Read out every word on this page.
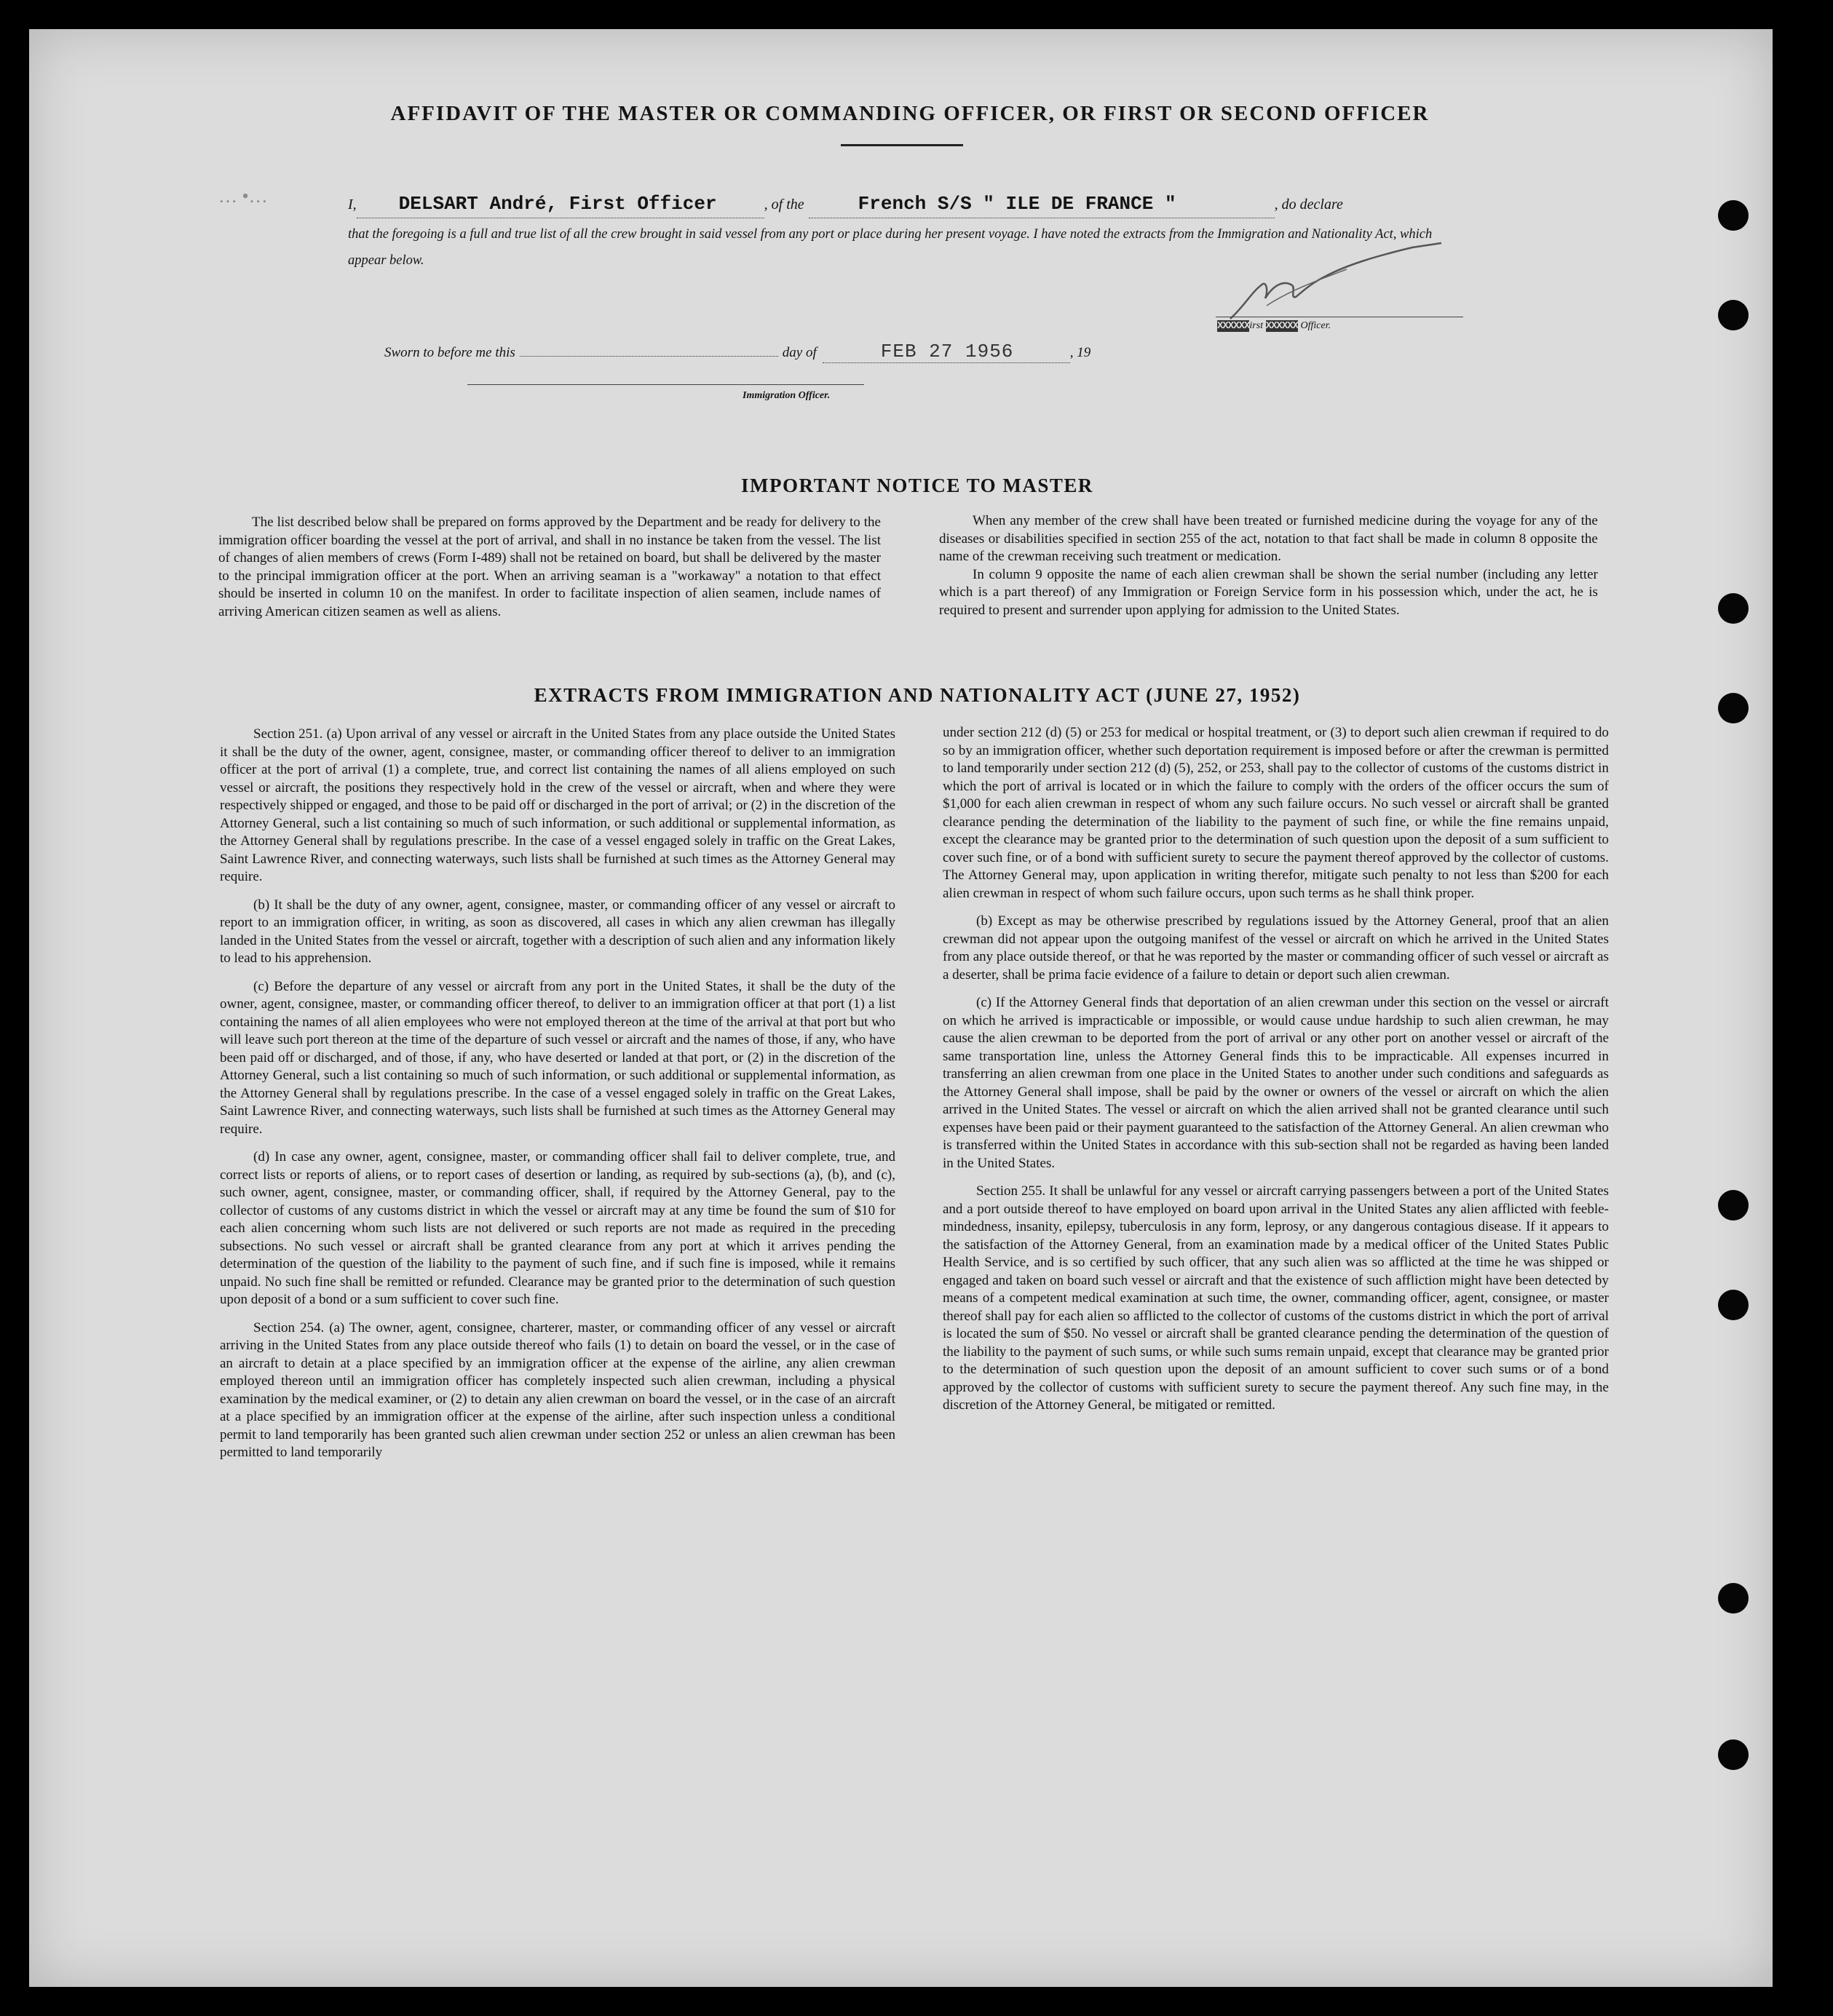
… •…
AFFIDAVIT OF THE MASTER OR COMMANDING OFFICER, OR FIRST OR SECOND OFFICER
I,	DELSART André, First Officer	, of the	French S/S " ILE DE FRANCE "	, do declare
that the foregoing is a full and true list of all the crew brought in said vessel from any port or place during her present voyage. I have noted the extracts from the Immigration and Nationality Act, which appear below.
XXXXXXirst XXXXXX Officer.
Sworn to before me this	day of	FEB 27 1956	, 19
Immigration Officer.
IMPORTANT NOTICE TO MASTER

The list described below shall be prepared on forms approved by the Department and be ready for delivery to the immigration officer boarding the vessel at the port of arrival, and shall in no instance be taken from the vessel. The list of changes of alien members of crews (Form I-489) shall not be retained on board, but shall be delivered by the master to the principal immigration officer at the port. When an arriving seaman is a "workaway" a notation to that effect should be inserted in column 10 on the manifest. In order to facilitate inspection of alien seamen, include names of arriving American citizen seamen as well as aliens.

When any member of the crew shall have been treated or furnished medicine during the voyage for any of the diseases or disabilities specified in section 255 of the act, notation to that fact shall be made in column 8 opposite the name of the crewman receiving such treatment or medication.

In column 9 opposite the name of each alien crewman shall be shown the serial number (including any letter which is a part thereof) of any Immigration or Foreign Service form in his possession which, under the act, he is required to present and surrender upon applying for admission to the United States.

EXTRACTS FROM IMMIGRATION AND NATIONALITY ACT (JUNE 27, 1952)

Section 251. (a) Upon arrival of any vessel or aircraft in the United States from any place outside the United States it shall be the duty of the owner, agent, consignee, master, or commanding officer thereof to deliver to an immigration officer at the port of arrival (1) a complete, true, and correct list containing the names of all aliens employed on such vessel or aircraft, the positions they respectively hold in the crew of the vessel or aircraft, when and where they were respectively shipped or engaged, and those to be paid off or discharged in the port of arrival; or (2) in the discretion of the Attorney General, such a list containing so much of such information, or such additional or supplemental information, as the Attorney General shall by regulations prescribe. In the case of a vessel engaged solely in traffic on the Great Lakes, Saint Lawrence River, and connecting waterways, such lists shall be furnished at such times as the Attorney General may require.

(b) It shall be the duty of any owner, agent, consignee, master, or commanding officer of any vessel or aircraft to report to an immigration officer, in writing, as soon as discovered, all cases in which any alien crewman has illegally landed in the United States from the vessel or aircraft, together with a description of such alien and any information likely to lead to his apprehension.

(c) Before the departure of any vessel or aircraft from any port in the United States, it shall be the duty of the owner, agent, consignee, master, or commanding officer thereof, to deliver to an immigration officer at that port (1) a list containing the names of all alien employees who were not employed thereon at the time of the arrival at that port but who will leave such port thereon at the time of the departure of such vessel or aircraft and the names of those, if any, who have been paid off or discharged, and of those, if any, who have deserted or landed at that port, or (2) in the discretion of the Attorney General, such a list containing so much of such information, or such additional or supplemental information, as the Attorney General shall by regulations prescribe. In the case of a vessel engaged solely in traffic on the Great Lakes, Saint Lawrence River, and connecting waterways, such lists shall be furnished at such times as the Attorney General may require.

(d) In case any owner, agent, consignee, master, or commanding officer shall fail to deliver complete, true, and correct lists or reports of aliens, or to report cases of desertion or landing, as required by sub-sections (a), (b), and (c), such owner, agent, consignee, master, or commanding officer, shall, if required by the Attorney General, pay to the collector of customs of any customs district in which the vessel or aircraft may at any time be found the sum of $10 for each alien concerning whom such lists are not delivered or such reports are not made as required in the preceding subsections. No such vessel or aircraft shall be granted clearance from any port at which it arrives pending the determination of the question of the liability to the payment of such fine, and if such fine is imposed, while it remains unpaid. No such fine shall be remitted or refunded. Clearance may be granted prior to the determination of such question upon deposit of a bond or a sum sufficient to cover such fine.

Section 254. (a) The owner, agent, consignee, charterer, master, or commanding officer of any vessel or aircraft arriving in the United States from any place outside thereof who fails (1) to detain on board the vessel, or in the case of an aircraft to detain at a place specified by an immigration officer at the expense of the airline, any alien crewman employed thereon until an immigration officer has completely inspected such alien crewman, including a physical examination by the medical examiner, or (2) to detain any alien crewman on board the vessel, or in the case of an aircraft at a place specified by an immigration officer at the expense of the airline, after such inspection unless a conditional permit to land temporarily has been granted such alien crewman under section 252 or unless an alien crewman has been permitted to land temporarily

under section 212 (d) (5) or 253 for medical or hospital treatment, or (3) to deport such alien crewman if required to do so by an immigration officer, whether such deportation requirement is imposed before or after the crewman is permitted to land temporarily under section 212 (d) (5), 252, or 253, shall pay to the collector of customs of the customs district in which the port of arrival is located or in which the failure to comply with the orders of the officer occurs the sum of $1,000 for each alien crewman in respect of whom any such failure occurs. No such vessel or aircraft shall be granted clearance pending the determination of the liability to the payment of such fine, or while the fine remains unpaid, except the clearance may be granted prior to the determination of such question upon the deposit of a sum sufficient to cover such fine, or of a bond with sufficient surety to secure the payment thereof approved by the collector of customs. The Attorney General may, upon application in writing therefor, mitigate such penalty to not less than $200 for each alien crewman in respect of whom such failure occurs, upon such terms as he shall think proper.

(b) Except as may be otherwise prescribed by regulations issued by the Attorney General, proof that an alien crewman did not appear upon the outgoing manifest of the vessel or aircraft on which he arrived in the United States from any place outside thereof, or that he was reported by the master or commanding officer of such vessel or aircraft as a deserter, shall be prima facie evidence of a failure to detain or deport such alien crewman.

(c) If the Attorney General finds that deportation of an alien crewman under this section on the vessel or aircraft on which he arrived is impracticable or impossible, or would cause undue hardship to such alien crewman, he may cause the alien crewman to be deported from the port of arrival or any other port on another vessel or aircraft of the same transportation line, unless the Attorney General finds this to be impracticable. All expenses incurred in transferring an alien crewman from one place in the United States to another under such conditions and safeguards as the Attorney General shall impose, shall be paid by the owner or owners of the vessel or aircraft on which the alien arrived in the United States. The vessel or aircraft on which the alien arrived shall not be granted clearance until such expenses have been paid or their payment guaranteed to the satisfaction of the Attorney General. An alien crewman who is transferred within the United States in accordance with this sub-section shall not be regarded as having been landed in the United States.

Section 255. It shall be unlawful for any vessel or aircraft carrying passengers between a port of the United States and a port outside thereof to have employed on board upon arrival in the United States any alien afflicted with feeble-mindedness, insanity, epilepsy, tuberculosis in any form, leprosy, or any dangerous contagious disease. If it appears to the satisfaction of the Attorney General, from an examination made by a medical officer of the United States Public Health Service, and is so certified by such officer, that any such alien was so afflicted at the time he was shipped or engaged and taken on board such vessel or aircraft and that the existence of such affliction might have been detected by means of a competent medical examination at such time, the owner, commanding officer, agent, consignee, or master thereof shall pay for each alien so afflicted to the collector of customs of the customs district in which the port of arrival is located the sum of $50. No vessel or aircraft shall be granted clearance pending the determination of the question of the liability to the payment of such sums, or while such sums remain unpaid, except that clearance may be granted prior to the determination of such question upon the deposit of an amount sufficient to cover such sums or of a bond approved by the collector of customs with sufficient surety to secure the payment thereof. Any such fine may, in the discretion of the Attorney General, be mitigated or remitted.
